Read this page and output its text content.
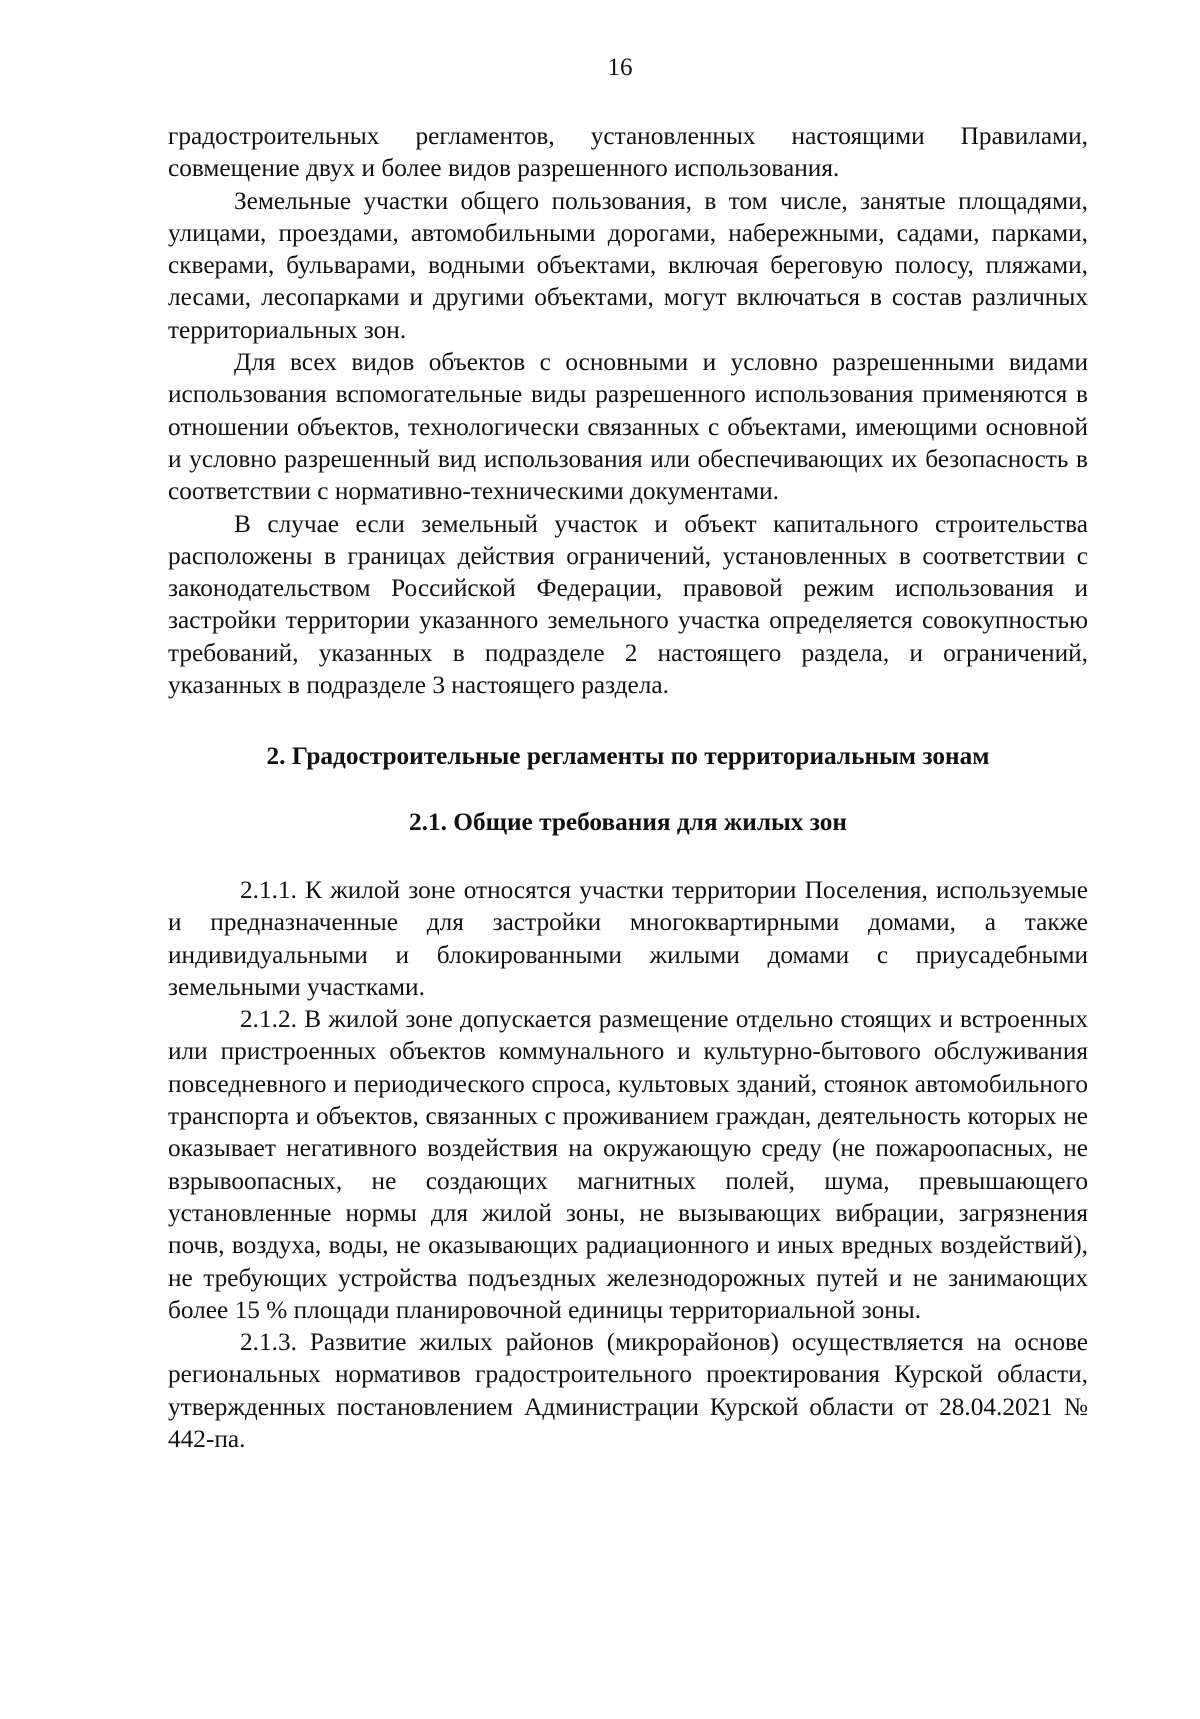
16

градостроительных регламентов, установленных настоящими Правилами, совмещение двух и более видов разрешенного использования.

Земельные участки общего пользования, в том числе, занятые площадями, улицами, проездами, автомобильными дорогами, набережными, садами, парками, скверами, бульварами, водными объектами, включая береговую полосу, пляжами, лесами, лесопарками и другими объектами, могут включаться в состав различных территориальных зон.

Для всех видов объектов с основными и условно разрешенными видами использования вспомогательные виды разрешенного использования применяются в отношении объектов, технологически связанных с объектами, имеющими основной и условно разрешенный вид использования или обеспечивающих их безопасность в соответствии с нормативно-техническими документами.

В случае если земельный участок и объект капитального строительства расположены в границах действия ограничений, установленных в соответствии с законодательством Российской Федерации, правовой режим использования и застройки территории указанного земельного участка определяется совокупностью требований, указанных в подразделе 2 настоящего раздела, и ограничений, указанных в подразделе 3 настоящего раздела.

2. Градостроительные регламенты по территориальным зонам
2.1. Общие требования для жилых зон

2.1.1. К жилой зоне относятся участки территории Поселения, используемые и предназначенные для застройки многоквартирными домами, а также индивидуальными и блокированными жилыми домами с приусадебными земельными участками.

2.1.2. В жилой зоне допускается размещение отдельно стоящих и встроенных или пристроенных объектов коммунального и культурно-бытового обслуживания повседневного и периодического спроса, культовых зданий, стоянок автомобильного транспорта и объектов, связанных с проживанием граждан, деятельность которых не оказывает негативного воздействия на окружающую среду (не пожароопасных, не взрывоопасных, не создающих магнитных полей, шума, превышающего установленные нормы для жилой зоны, не вызывающих вибрации, загрязнения почв, воздуха, воды, не оказывающих радиационного и иных вредных воздействий), не требующих устройства подъездных железнодорожных путей и не занимающих более 15 % площади планировочной единицы территориальной зоны.

2.1.3. Развитие жилых районов (микрорайонов) осуществляется на основе региональных нормативов градостроительного проектирования Курской области, утвержденных постановлением Администрации Курской области от 28.04.2021 № 442-па.
